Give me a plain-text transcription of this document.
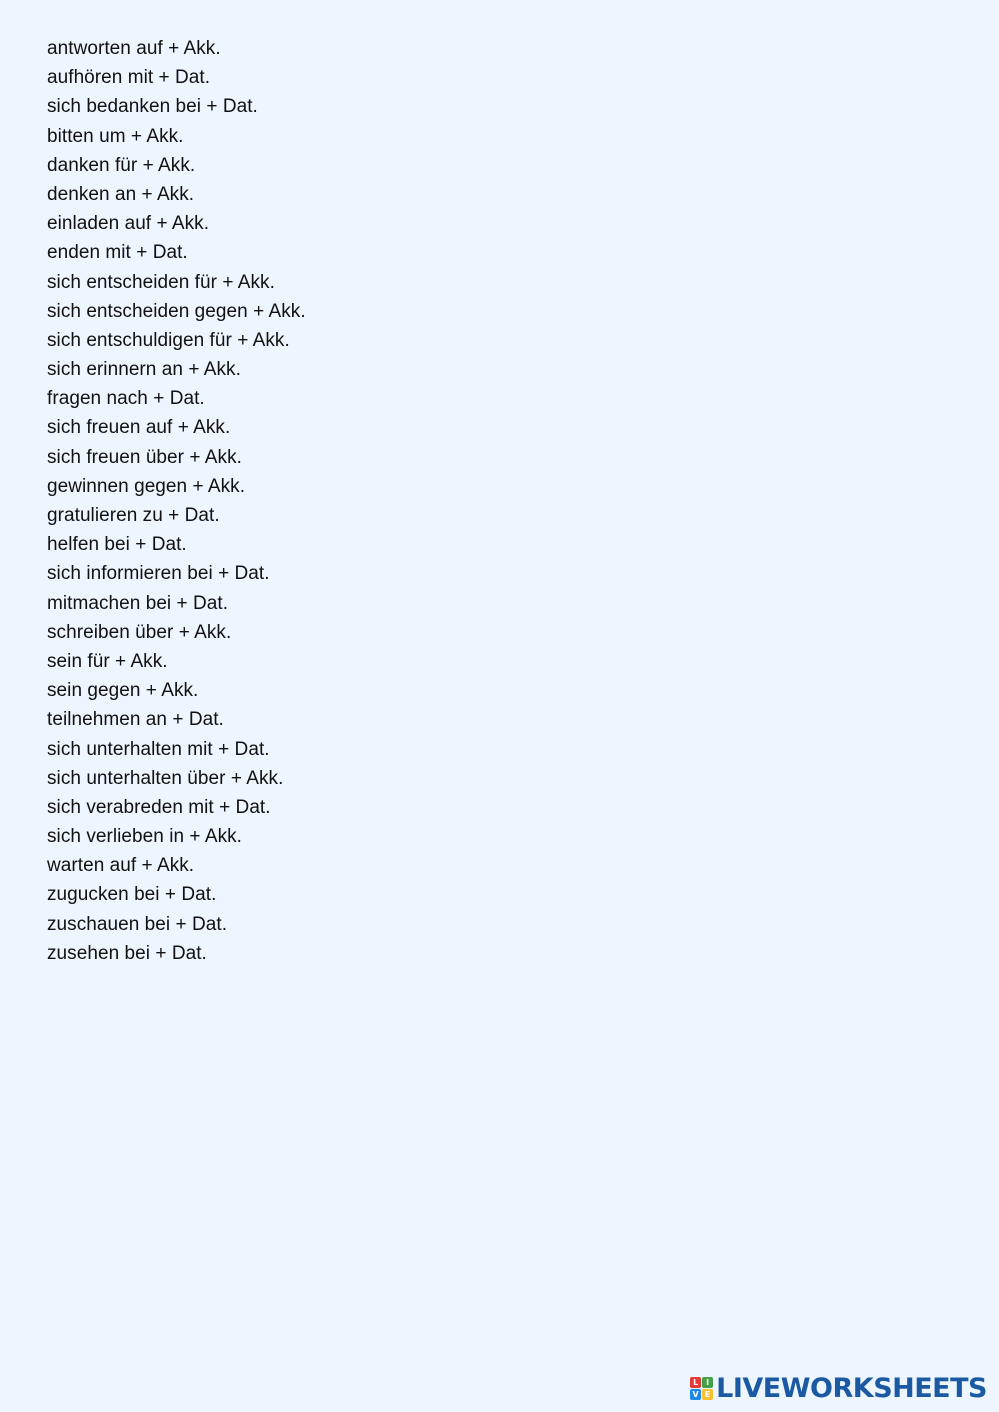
antworten auf + Akk.
aufhören mit + Dat.
sich bedanken bei + Dat.
bitten um + Akk.
danken für + Akk.
denken an + Akk.
einladen auf + Akk.
enden mit + Dat.
sich entscheiden für + Akk.
sich entscheiden gegen + Akk.
sich entschuldigen für + Akk.
sich erinnern an + Akk.
fragen nach + Dat.
sich freuen auf + Akk.
sich freuen über + Akk.
gewinnen gegen + Akk.
gratulieren zu + Dat.
helfen bei + Dat.
sich informieren bei + Dat.
mitmachen bei + Dat.
schreiben über + Akk.
sein für + Akk.
sein gegen + Akk.
teilnehmen an + Dat.
sich unterhalten mit + Dat.
sich unterhalten über + Akk.
sich verabreden mit + Dat.
sich verlieben in + Akk.
warten auf + Akk.
zugucken bei + Dat.
zuschauen bei + Dat.
zusehen bei + Dat.
L I
V E LIVEWORKSHEETS
